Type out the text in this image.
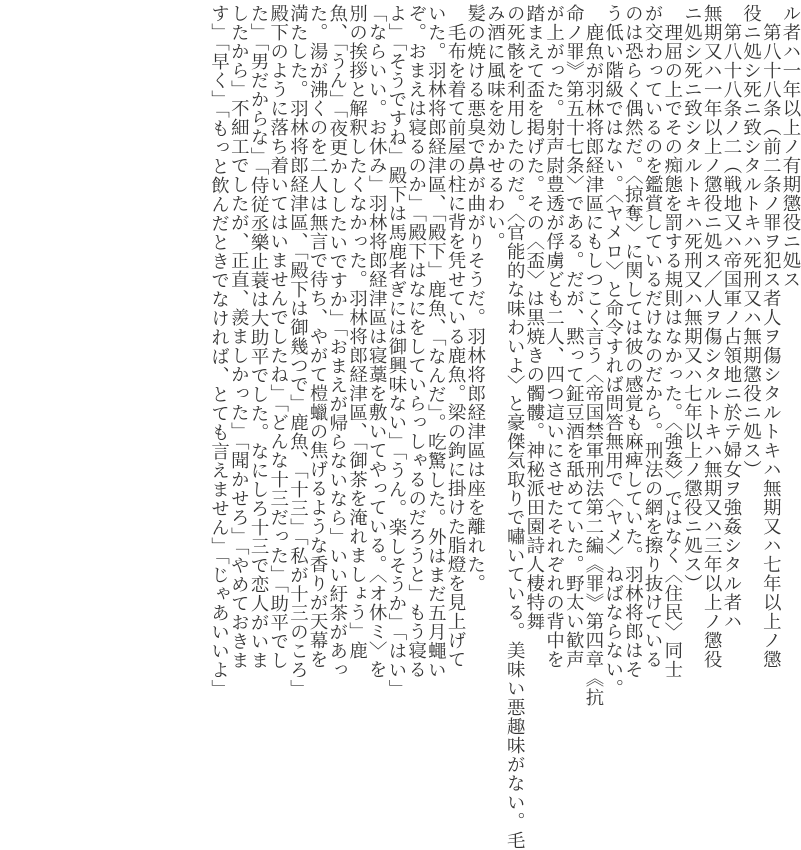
ル者ハ一年以上ノ有期懲役ニ処ス
　第八十八条（前二条ノ罪ヲ犯ス者人ヲ傷シタルトキハ無期又ハ七年以上ノ懲
役ニ処シ死ニ致シタルトキハ死刑又ハ無期懲役ニ処ス）
　第八十八条ノ二（戦地又ハ帝国軍ノ占領地ニ於テ婦女ヲ強姦シタル者ハ
無期又ハ一年以上ノ懲役ニ処ス／人ヲ傷シタルトキハ無期又ハ三年以上ノ懲役
ニ処シ死ニ致シタルトキハ死刑又ハ無期又ハ七年以上ノ懲役ニ処ス）
　理屈の上でその痴態を罰する規則はなかった。〈強姦〉ではなく〈住民〉同士
が交わっているのを鑑賞しているだけなのだから。刑法の網を擦り抜けている
のは恐らく偶然だ。〈掠奪〉に関しては彼の感覚も麻痺していた。羽林将郎はそ
う低い階級ではない。〈ヤメロ〉と命令すれば問答無用で〈ヤメ〉ねばならない。
　鹿魚が羽林将郎経津區にもしつこく言う〈帝国禁軍刑法第二編《罪》第四章《抗
命ノ罪》第五十七条〉である。だが、黙って鉦豆酒を舐めていた。野太い歓声
が上がった。射声尉豊透が俘虜ども二人、四つ這いにさせたそれぞれの背中を
踏まえて盃を掲げた。その〈盃〉は黒焼きの髑髏。神秘派田園詩人棲特舞
の死骸を利用したのだ。〈官能的な味わいよ〉と豪傑気取りで嘯いている。美味い悪趣味がない。毛
み酒に風味を効かせるわい。
髪の焼ける悪臭で鼻が曲がりそうだ。羽林将郎経津區は座を離れた。
　毛布を着て前屋の柱に背を凭せている鹿魚。梁の鉤に掛けた脂燈を見上げて
いた。羽林将郎経津區、「殿下」鹿魚、「なんだ」。吃驚した。外はまだ五月蠅い
ぞ。おまえは寝るのか」「殿下はなにをしていらっしゃるのだろうと」もう寝る
よ」「そうですね」殿下は馬鹿者ぎには御興味ない」「うん。楽しそうか」「はい」
「ならいい。お休み」羽林将郎経津區は寝藁を敷いてやっている。〈オ休ミ〉を
別の挨拶と解釈したくなかった。羽林将郎経津區、「御茶を淹れましょう」鹿
魚、「うん」「夜更かししたいですか」「おまえが帰らないなら」いい紆茶があっ
た。湯が沸くのを二人は無言で待ち、やがて榿蠟の焦げるような香りが天幕を
満たした。羽林将郎経津區、「殿下は御幾つで」鹿魚、「十三」「私が十三のころ」
殿下のように落ち着いてはいませんでしたね」「どんな十三だった」「助平でし
た」「男だからな」「侍従丞樂止蓑は大助平でした。なにしろ十三で恋人がいま
したから」不細工でしたが、正直、羨ましかった」「聞かせろ」「やめておきま
す」「早く」「もっと飲んだときでなければ、とても言えません」「じゃあいいよ」
